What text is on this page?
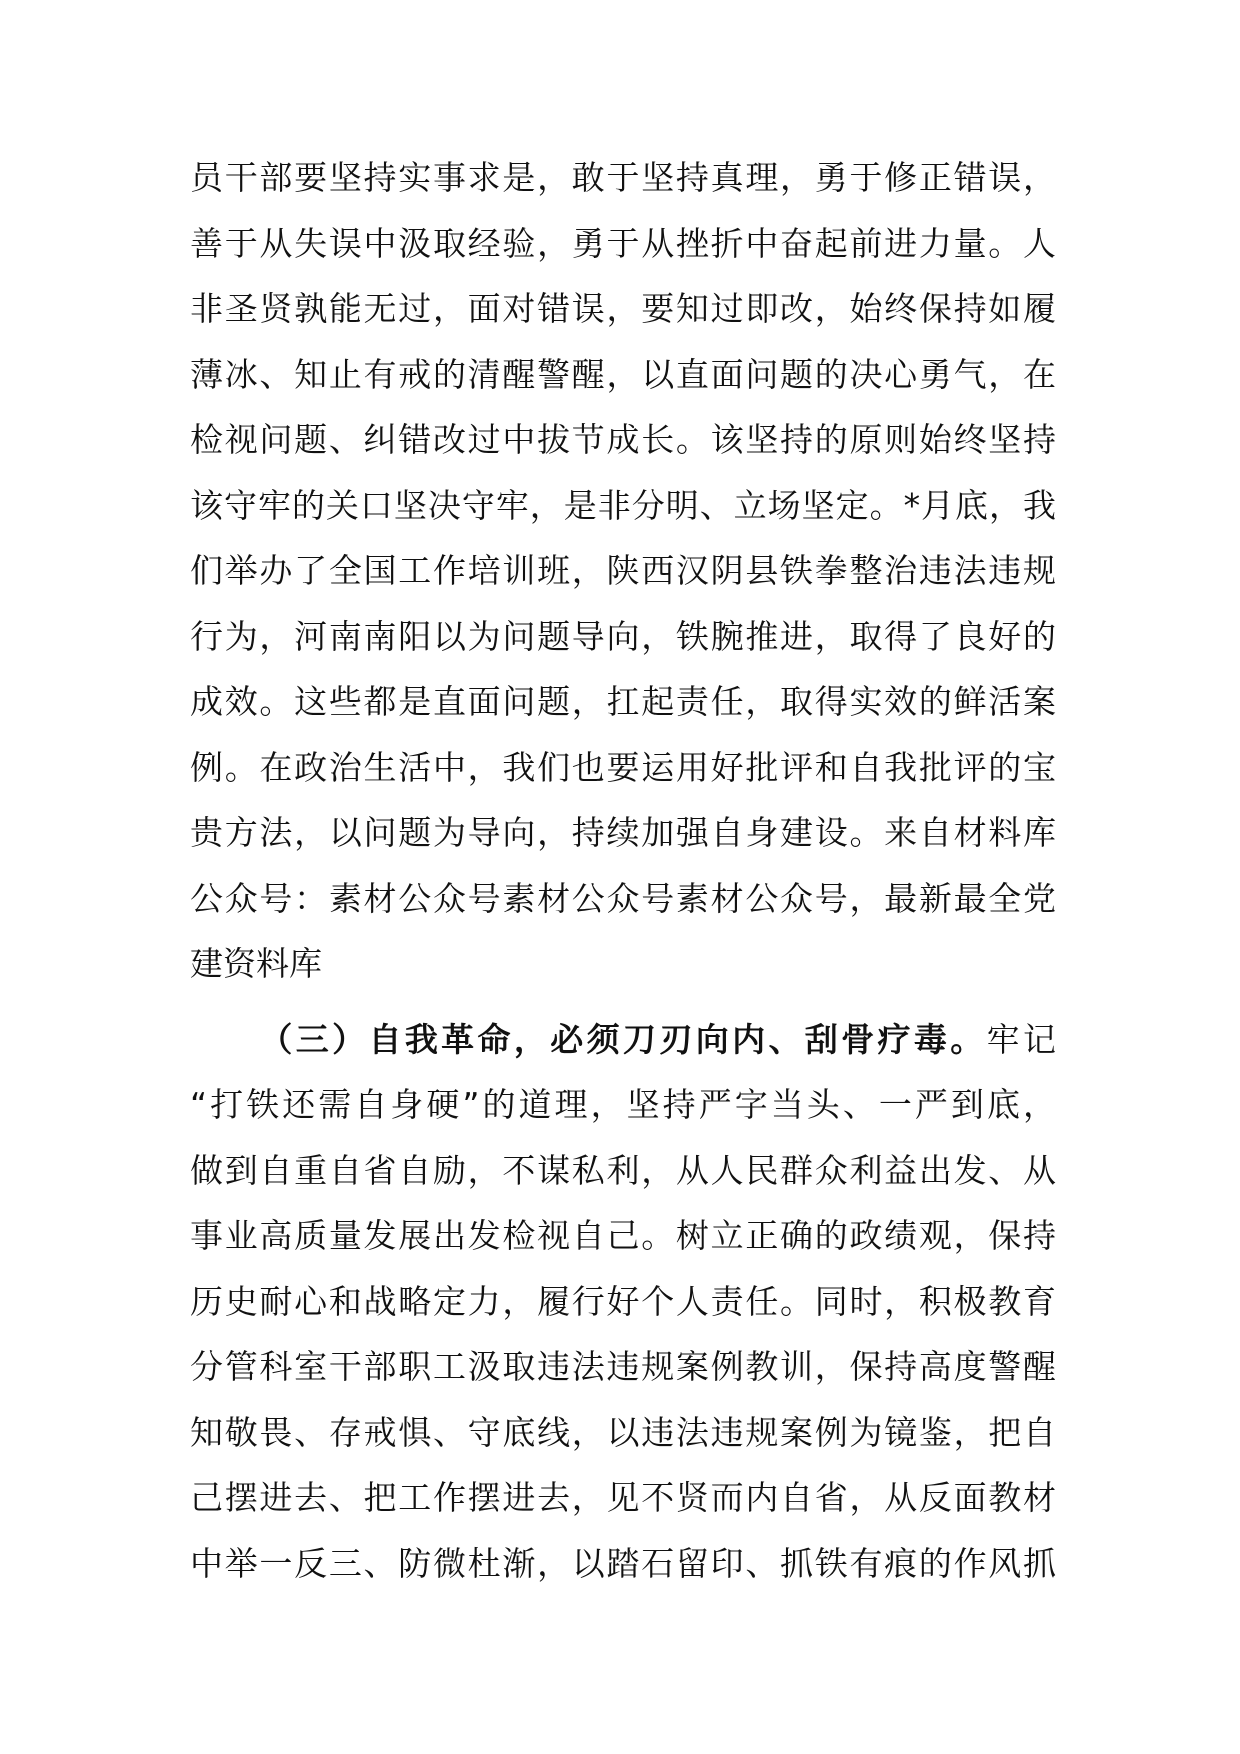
员干部要坚持实事求是，敢于坚持真理，勇于修正错误，
善于从失误中汲取经验，勇于从挫折中奋起前进力量。人
非圣贤孰能无过，面对错误，要知过即改，始终保持如履
薄冰、知止有戒的清醒警醒，以直面问题的决心勇气，在
检视问题、纠错改过中拔节成长。该坚持的原则始终坚持
该守牢的关口坚决守牢，是非分明、立场坚定。*月底，我
们举办了全国工作培训班，陕西汉阴县铁拳整治违法违规
行为，河南南阳以为问题导向，铁腕推进，取得了良好的
成效。这些都是直面问题，扛起责任，取得实效的鲜活案
例。在政治生活中，我们也要运用好批评和自我批评的宝
贵方法，以问题为导向，持续加强自身建设。来自材料库
公众号：素材公众号素材公众号素材公众号，最新最全党
建资料库
（三）自我革命，必须刀刃向内、刮骨疗毒。牢记
“打铁还需自身硬”的道理，坚持严字当头、一严到底，
做到自重自省自励，不谋私利，从人民群众利益出发、从
事业高质量发展出发检视自己。树立正确的政绩观，保持
历史耐心和战略定力，履行好个人责任。同时，积极教育
分管科室干部职工汲取违法违规案例教训，保持高度警醒
知敬畏、存戒惧、守底线，以违法违规案例为镜鉴，把自
己摆进去、把工作摆进去，见不贤而内自省，从反面教材
中举一反三、防微杜渐，以踏石留印、抓铁有痕的作风抓
